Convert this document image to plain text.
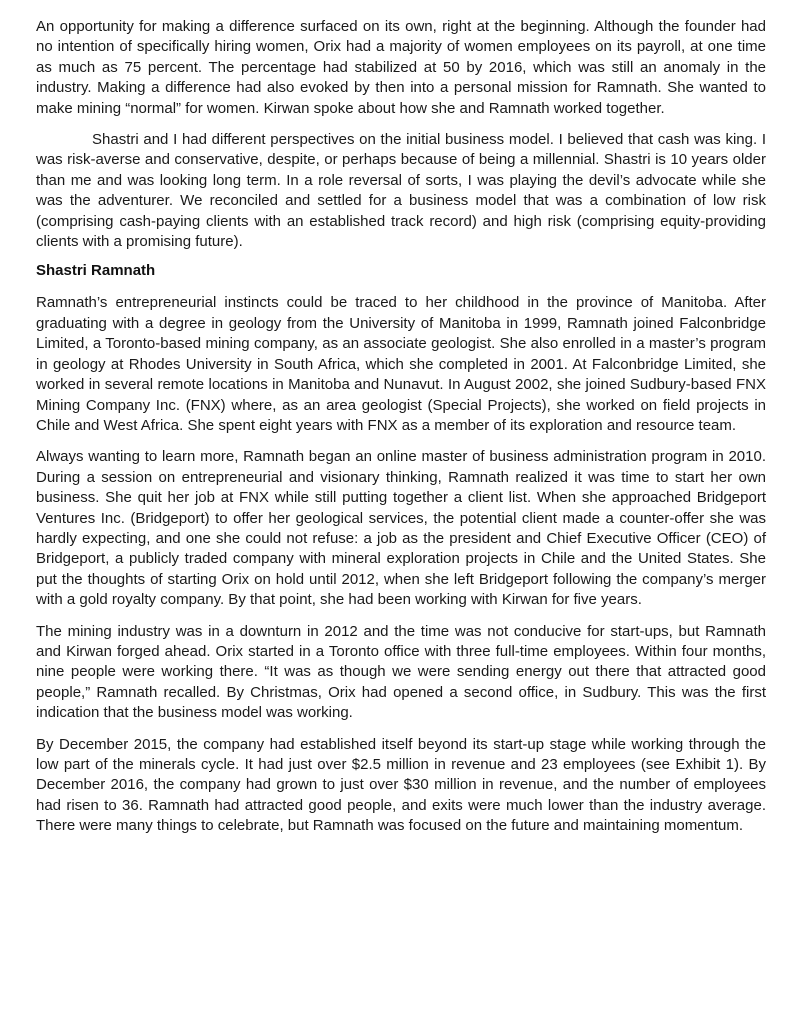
An opportunity for making a difference surfaced on its own, right at the beginning. Although the founder had no intention of specifically hiring women, Orix had a majority of women employees on its payroll, at one time as much as 75 percent. The percentage had stabilized at 50 by 2016, which was still an anomaly in the industry. Making a difference had also evoked by then into a personal mission for Ramnath. She wanted to make mining “normal” for women. Kirwan spoke about how she and Ramnath worked together.

Shastri and I had different perspectives on the initial business model. I believed that cash was king. I was risk-averse and conservative, despite, or perhaps because of being a millennial. Shastri is 10 years older than me and was looking long term. In a role reversal of sorts, I was playing the devil’s advocate while she was the adventurer. We reconciled and settled for a business model that was a combination of low risk (comprising cash-paying clients with an established track record) and high risk (comprising equity-providing clients with a promising future).

Shastri Ramnath

Ramnath’s entrepreneurial instincts could be traced to her childhood in the province of Manitoba. After graduating with a degree in geology from the University of Manitoba in 1999, Ramnath joined Falconbridge Limited, a Toronto-based mining company, as an associate geologist. She also enrolled in a master’s program in geology at Rhodes University in South Africa, which she completed in 2001. At Falconbridge Limited, she worked in several remote locations in Manitoba and Nunavut. In August 2002, she joined Sudbury-based FNX Mining Company Inc. (FNX) where, as an area geologist (Special Projects), she worked on field projects in Chile and West Africa. She spent eight years with FNX as a member of its exploration and resource team.

Always wanting to learn more, Ramnath began an online master of business administration program in 2010. During a session on entrepreneurial and visionary thinking, Ramnath realized it was time to start her own business. She quit her job at FNX while still putting together a client list. When she approached Bridgeport Ventures Inc. (Bridgeport) to offer her geological services, the potential client made a counter-offer she was hardly expecting, and one she could not refuse: a job as the president and Chief Executive Officer (CEO) of Bridgeport, a publicly traded company with mineral exploration projects in Chile and the United States. She put the thoughts of starting Orix on hold until 2012, when she left Bridgeport following the company’s merger with a gold royalty company. By that point, she had been working with Kirwan for five years.

The mining industry was in a downturn in 2012 and the time was not conducive for start-ups, but Ramnath and Kirwan forged ahead. Orix started in a Toronto office with three full-time employees. Within four months, nine people were working there. “It was as though we were sending energy out there that attracted good people,” Ramnath recalled. By Christmas, Orix had opened a second office, in Sudbury. This was the first indication that the business model was working.

By December 2015, the company had established itself beyond its start-up stage while working through the low part of the minerals cycle. It had just over $2.5 million in revenue and 23 employees (see Exhibit 1). By December 2016, the company had grown to just over $30 million in revenue, and the number of employees had risen to 36. Ramnath had attracted good people, and exits were much lower than the industry average. There were many things to celebrate, but Ramnath was focused on the future and maintaining momentum.
